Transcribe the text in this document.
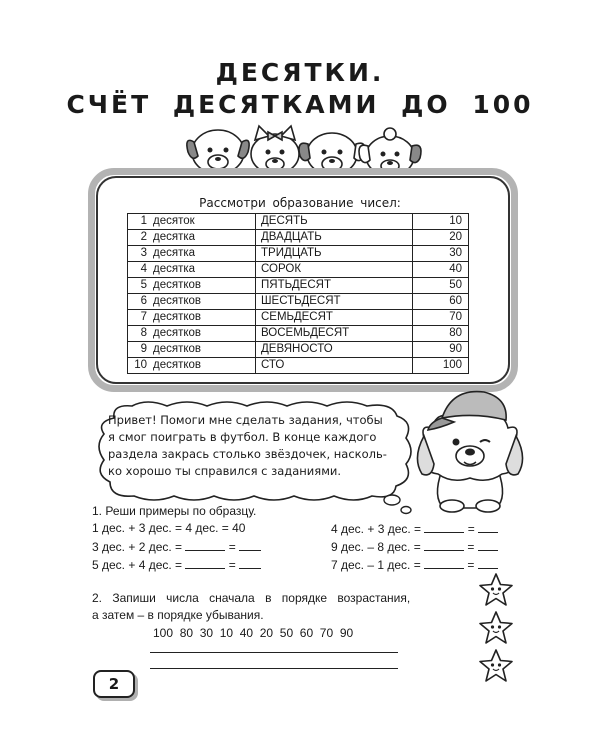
ДЕСЯТКИ.
СЧЁТ ДЕСЯТКАМИ ДО 100
Рассмотри образование чисел:
1 десяток	ДЕСЯТЬ	10
2 десятка	ДВАДЦАТЬ	20
3 десятка	ТРИДЦАТЬ	30
4 десятка	СОРОК	40
5 десятков	ПЯТЬДЕСЯТ	50
6 десятков	ШЕСТЬДЕСЯТ	60
7 десятков	СЕМЬДЕСЯТ	70
8 десятков	ВОСЕМЬДЕСЯТ	80
9 десятков	ДЕВЯНОСТО	90
10 десятков	СТО	100
Привет! Помоги мне сделать задания, чтобы
я смог поиграть в футбол. В конце каждого
раздела закрась столько звёздочек, насколь-
ко хорошо ты справился с заданиями.
1. Реши примеры по образцу.
1 дес. + 3 дес. = 4 дес. = 40
3 дес. + 2 дес. =	=
5 дес. + 4 дес. =	=
4 дес. + 3 дес. =	=
9 дес. – 8 дес. =	=
7 дес. – 1 дес. =	=
2. Запиши числа сначала в порядке возрастания,
а затем – в порядке убывания.
100  80  30  10  40  20  50  60  70  90
2
